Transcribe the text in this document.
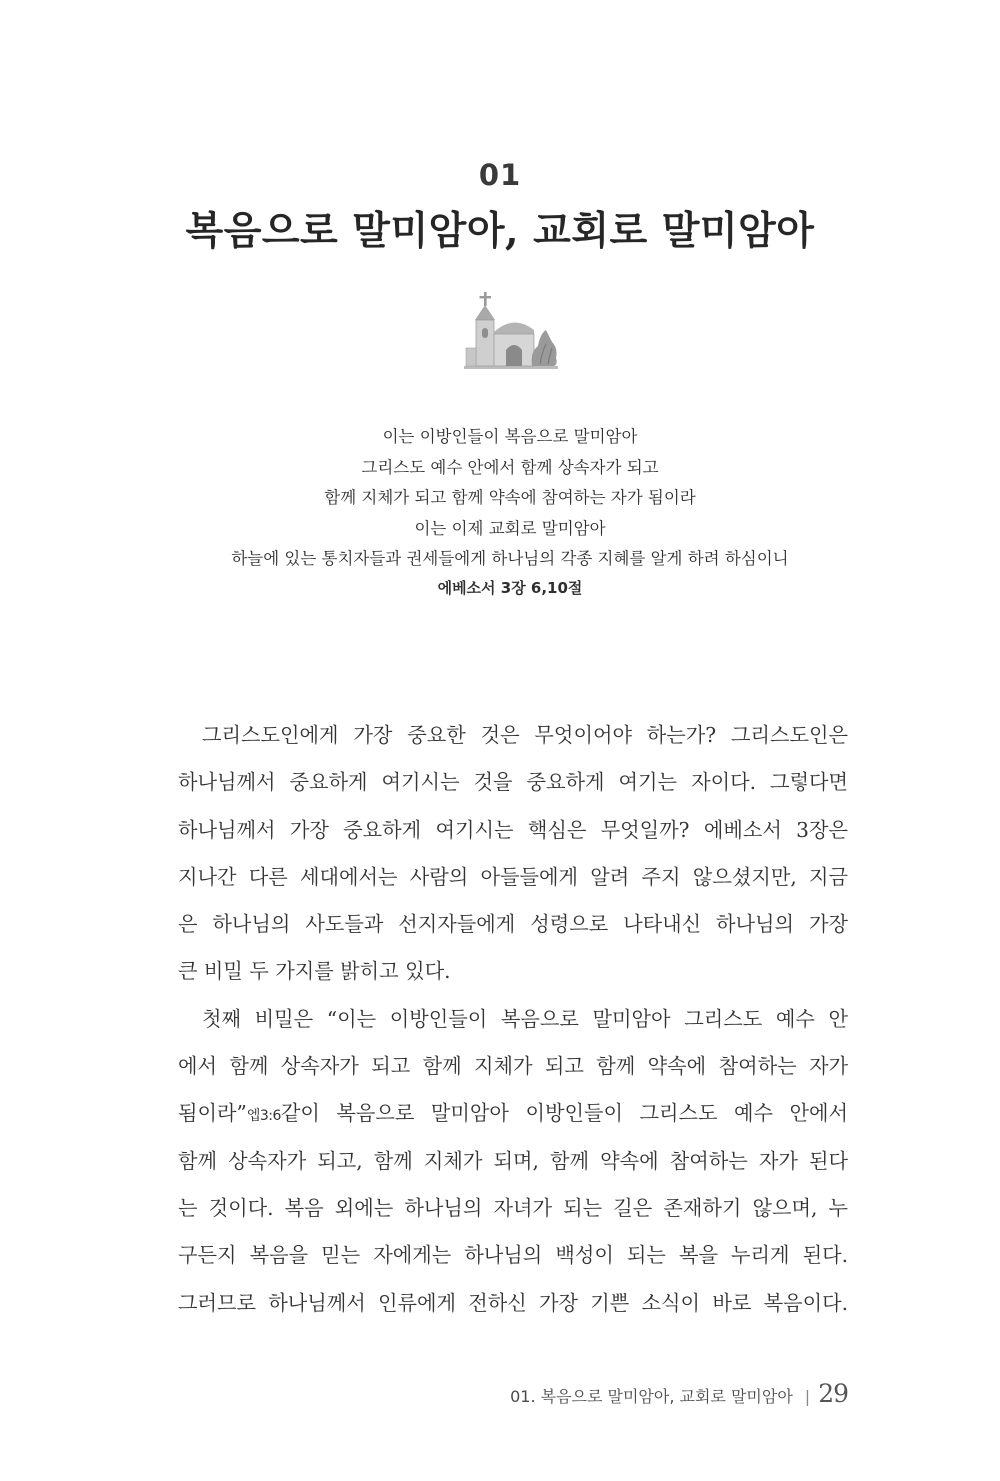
01
복음으로 말미암아, 교회로 말미암아
이는 이방인들이 복음으로 말미암아
그리스도 예수 안에서 함께 상속자가 되고
함께 지체가 되고 함께 약속에 참여하는 자가 됨이라
이는 이제 교회로 말미암아
하늘에 있는 통치자들과 권세들에게 하나님의 각종 지혜를 알게 하려 하심이니
에베소서 3장 6,10절
그리스도인에게 가장 중요한 것은 무엇이어야 하는가? 그리스도인은
하나님께서 중요하게 여기시는 것을 중요하게 여기는 자이다. 그렇다면
하나님께서 가장 중요하게 여기시는 핵심은 무엇일까? 에베소서 3장은
지나간 다른 세대에서는 사람의 아들들에게 알려 주지 않으셨지만, 지금
은 하나님의 사도들과 선지자들에게 성령으로 나타내신 하나님의 가장
큰 비밀 두 가지를 밝히고 있다.
첫째 비밀은 “이는 이방인들이 복음으로 말미암아 그리스도 예수 안
에서 함께 상속자가 되고 함께 지체가 되고 함께 약속에 참여하는 자가
됨이라”엡3:6같이 복음으로 말미암아 이방인들이 그리스도 예수 안에서
함께 상속자가 되고, 함께 지체가 되며, 함께 약속에 참여하는 자가 된다
는 것이다. 복음 외에는 하나님의 자녀가 되는 길은 존재하기 않으며, 누
구든지 복음을 믿는 자에게는 하나님의 백성이 되는 복을 누리게 된다.
그러므로 하나님께서 인류에게 전하신 가장 기쁜 소식이 바로 복음이다.
01. 복음으로 말미암아, 교회로 말미암아 | 29
